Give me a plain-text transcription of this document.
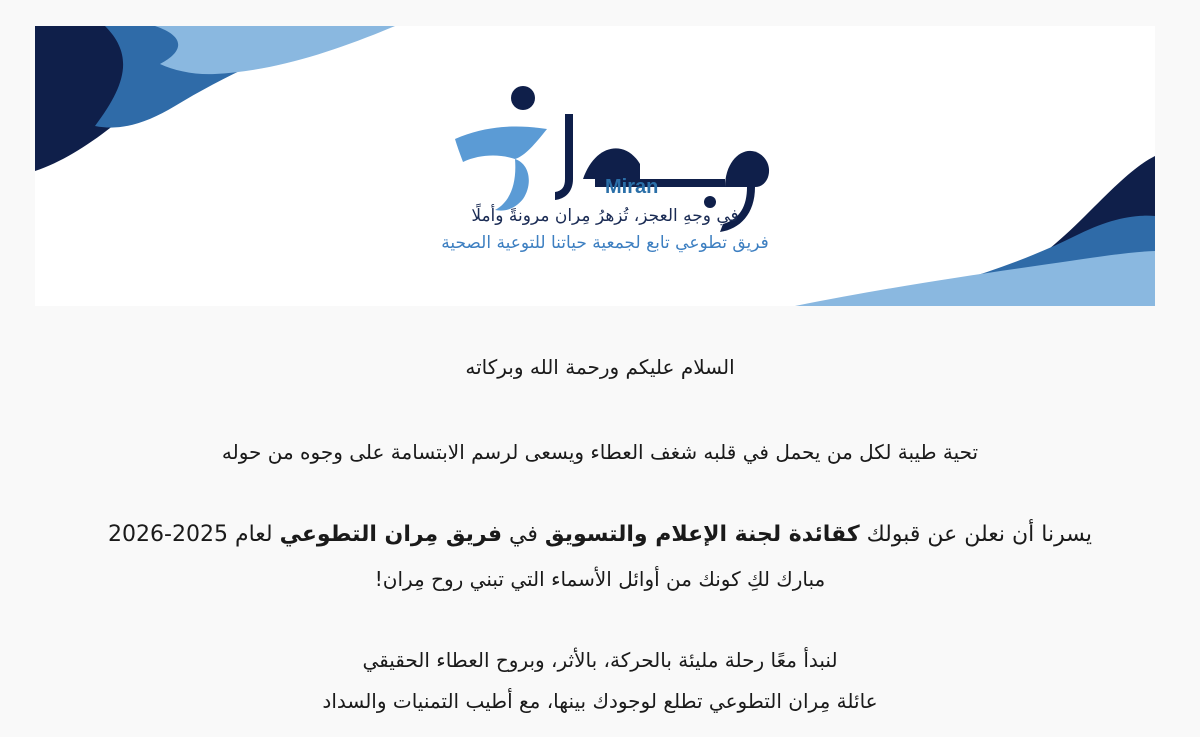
Miran
في وجهِ العجز، تُزهرُ مِران مرونةً وأملًا
فريق تطوعي تابع لجمعية حياتنا للتوعية الصحية
السلام عليكم ورحمة الله وبركاته
تحية طيبة لكل من يحمل في قلبه شغف العطاء ويسعى لرسم الابتسامة على وجوه من حوله
يسرنا أن نعلن عن قبولك كقائدة لجنة الإعلام والتسويق في فريق مِران التطوعي لعام 2025-2026
مبارك لكِ كونك من أوائل الأسماء التي تبني روح مِران!
لنبدأ معًا رحلة مليئة بالحركة، بالأثر، وبروح العطاء الحقيقي
عائلة مِران التطوعي تطلع لوجودك بينها، مع أطيب التمنيات والسداد
